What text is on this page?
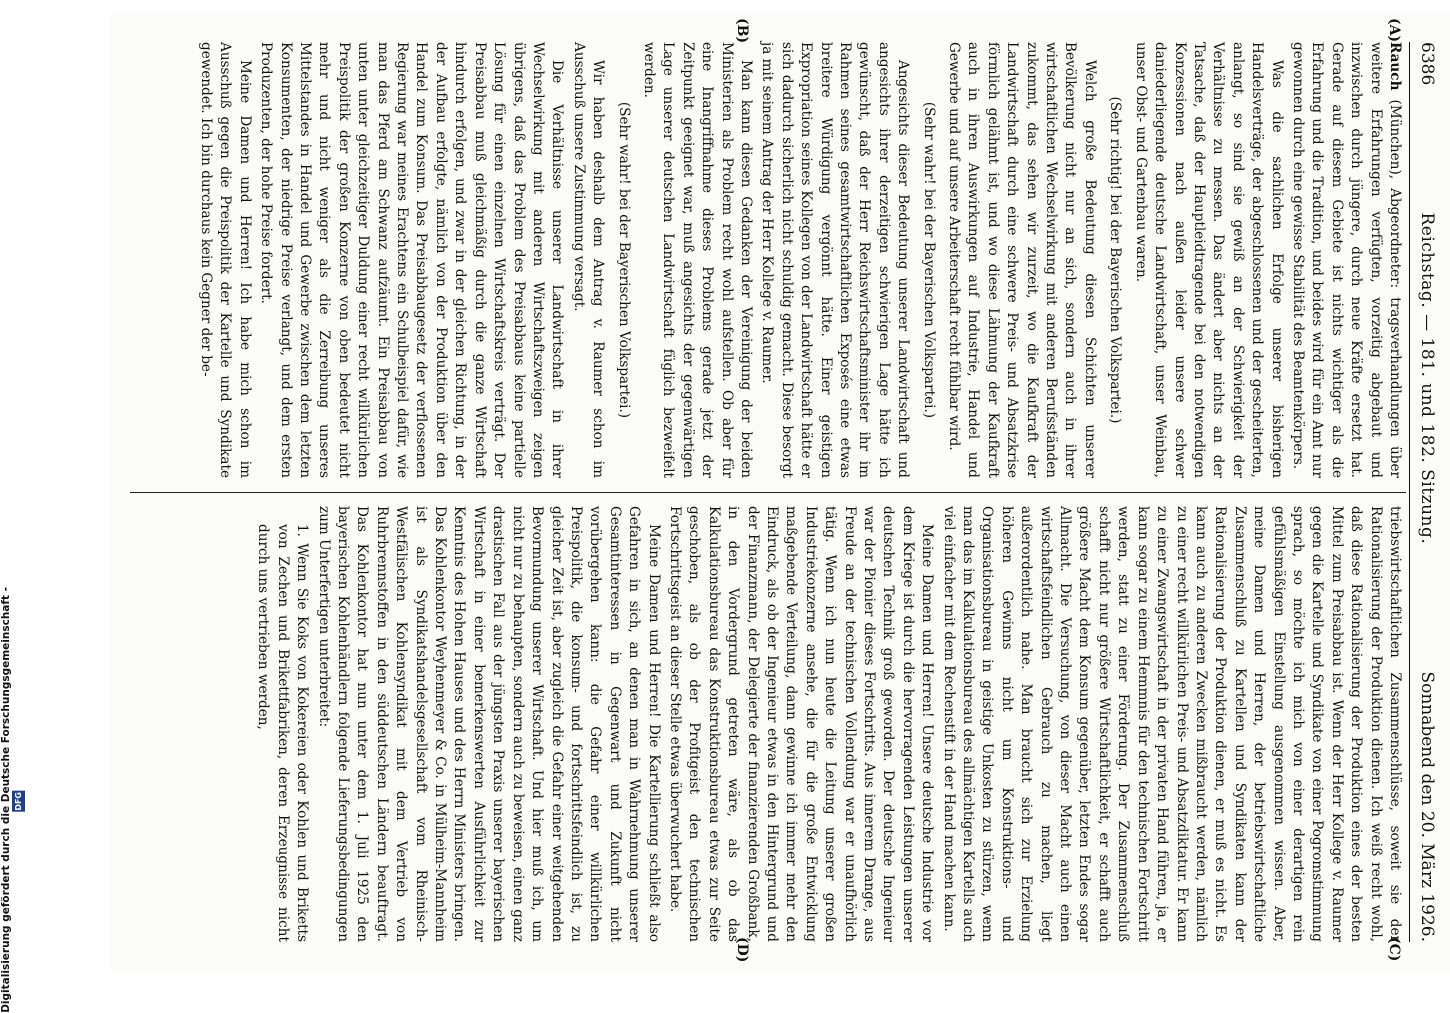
6386
Reichstag. — 181. und 182. Sitzung.
Sonnabend den 20. März 1926.
(A)
(B)
(C)
(D)

Rauch (München), Abgeordneter: tragsverhandlungen über weitere Erfahrungen verfügten, vorzeitig abgebaut und inzwischen durch jüngere, durch neue Kräfte ersetzt hat. Gerade auf diesem Gebiete ist nichts wichtiger als die Erfahrung und die Tradition, und beides wird für ein Amt nur gewonnen durch eine gewisse Stabilität des Beamtenkörpers.

Was die sachlichen Erfolge unserer bisherigen Handelsverträge, der abgeschlossenen und der gescheiterten, anlangt, so sind sie gewiß an der Schwierigkeit der Verhältnisse zu messen. Das ändert aber nichts an der Tatsache, daß der Hauptleidtragende bei den notwendigen Konzessionen nach außen leider unsere schwer daniederliegende deutsche Landwirtschaft, unser Weinbau, unser Obst- und Gartenbau waren.

(Sehr richtig! bei der Bayerischen Volkspartei.)

Welch große Bedeutung diesen Schichten unserer Bevölkerung nicht nur an sich, sondern auch in ihrer wirtschaftlichen Wechselwirkung mit anderen Berufsständen zukommt, das sehen wir zurzeit, wo die Kaufkraft der Landwirtschaft durch eine schwere Preis- und Absatzkrise förmlich gelähmt ist, und wo diese Lähmung der Kaufkraft auch in ihren Auswirkungen auf Industrie, Handel und Gewerbe und auf unsere Arbeiterschaft recht fühlbar wird.

(Sehr wahr! bei der Bayerischen Volkspartei.)

Angesichts dieser Bedeutung unserer Landwirtschaft und angesichts ihrer derzeitigen schwierigen Lage hätte ich gewünscht, daß der Herr Reichswirtschaftsminister ihr im Rahmen seines gesamtwirtschaftlichen Exposés eine etwas breitere Würdigung vergönnt hätte. Einer geistigen Expropriation seines Kollegen von der Landwirtschaft hätte er sich dadurch sicherlich nicht schuldig gemacht. Diese besorgt ja mit seinem Antrag der Herr Kollege v. Raumer.

Man kann diesen Gedanken der Vereinigung der beiden Ministerien als Problem recht wohl aufstellen. Ob aber für eine Inangriffnahme dieses Problems gerade jetzt der Zeitpunkt geeignet war, muß angesichts der gegenwärtigen Lage unserer deutschen Landwirtschaft füglich bezweifelt werden.

(Sehr wahr! bei der Bayerischen Volkspartei.)

Wir haben deshalb dem Antrag v. Raumer schon im Ausschuß unsere Zustimmung versagt.

Die Verhältnisse unserer Landwirtschaft in ihrer Wechselwirkung mit anderen Wirtschaftszweigen zeigen übrigens, daß das Problem des Preisabbaus keine partielle Lösung für einen einzelnen Wirtschaftskreis verträgt. Der Preisabbau muß gleichmäßig durch die ganze Wirtschaft hindurch erfolgen, und zwar in der gleichen Richtung, in der der Aufbau erfolgte, nämlich von der Produktion über den Handel zum Konsum. Das Preisabbaugesetz der verflossenen Regierung war meines Erachtens ein Schulbeispiel dafür, wie man das Pferd am Schwanz aufzäumt. Ein Preisabbau von unten unter gleichzeitiger Duldung einer recht willkürlichen Preispolitik der großen Konzerne von oben bedeutet nicht mehr und nicht weniger als die Zerreibung unseres Mittelstandes in Handel und Gewerbe zwischen dem letzten Konsumenten, der niedrige Preise verlangt, und dem ersten Produzenten, der hohe Preise fordert.

Meine Damen und Herren! Ich habe mich schon im Ausschuß gegen die Preispolitik der Kartelle und Syndikate gewendet. Ich bin durchaus kein Gegner der be-

triebswirtschaftlichen Zusammenschlüsse, soweit sie der Rationalisierung der Produktion dienen. Ich weiß recht wohl, daß diese Rationalisierung der Produktion eines der besten Mittel zum Preisabbau ist. Wenn der Herr Kollege v. Raumer gegen die Kartelle und Syndikate von einer Pogromstimmung sprach, so möchte ich mich von einer derartigen rein gefühlsmäßigen Einstellung ausgenommen wissen. Aber, meine Damen und Herren, der betriebswirtschaftliche Zusammenschluß zu Kartellen und Syndikaten kann der Rationalisierung der Produktion dienen, er muß es nicht. Es kann auch zu anderen Zwecken mißbraucht werden, nämlich zu einer recht willkürlichen Preis- und Absatzdiktatur. Er kann zu einer Zwangswirtschaft in der privaten Hand führen, ja, er kann sogar zu einem Hemmnis für den technischen Fortschritt werden, statt zu einer Förderung. Der Zusammenschluß schafft nicht nur größere Wirtschaftlichkeit, er schafft auch größere Macht dem Konsum gegenüber, letzten Endes sogar Allmacht. Die Versuchung, von dieser Macht auch einen wirtschaftsfeindlichen Gebrauch zu machen, liegt außerordentlich nahe. Man braucht sich zur Erzielung höheren Gewinns nicht um Konstruktions- und Organisationsbureau in geistige Unkosten zu stürzen, wenn man das im Kalkulationsbureau des allmächtigen Kartells auch viel einfacher mit dem Rechenstift in der Hand machen kann.

Meine Damen und Herren! Unsere deutsche Industrie vor dem Kriege ist durch die hervorragenden Leistungen unserer deutschen Technik groß geworden. Der deutsche Ingenieur war der Pionier dieses Fortschritts. Aus innerem Drange, aus Freude an der technischen Vollendung war er unaufhörlich tätig. Wenn ich nun heute die Leitung unserer großen Industriekonzerne ansehe, die für die große Entwicklung maßgebende Verteilung, dann gewinne ich immer mehr den Eindruck, als ob der Ingenieur etwas in den Hintergrund und der Finanzmann, der Delegierte der finanzierenden Großbank, in den Vordergrund getreten wäre, als ob das Kalkulationsbureau das Konstruktionsbureau etwas zur Seite geschoben, als ob der Profitgeist den technischen Fortschrittsgeist an dieser Stelle etwas überwuchert habe.

Meine Damen und Herren! Die Kartellierung schließt also Gefahren in sich, an denen man in Wahrnehmung unserer Gesamtinteressen in Gegenwart und Zukunft nicht vorübergehen kann: die Gefahr einer willkürlichen Preispolitik, die konsum- und fortschrittsfeindlich ist, zu gleicher Zeit ist, aber zugleich die Gefahr einer weitgehenden Bevormundung unserer Wirtschaft. Und hier muß ich, um nicht nur zu behaupten, sondern auch zu beweisen, einen ganz drastischen Fall aus der jüngsten Praxis unserer bayerischen Wirtschaft in einer bemerkenswerten Ausführlichkeit zur Kenntnis des Hohen Hauses und des Herrn Ministers bringen. Das Kohlenkontor Weyhenmeyer & Co. in Mülheim-Mannheim ist als Syndikatshandelsgesellschaft vom Rheinisch-Westfälischen Kohlensyndikat mit dem Vertrieb von Ruhrbrennstoffen in den süddeutschen Ländern beauftragt. Das Kohlenkontor hat nun unter dem 1. Juli 1925 den bayerischen Kohlenhändlern folgende Lieferungsbedingungen zum Unterfertigen unterbreitet:

1. Wenn Sie Koks von Kokereien oder Kohlen und Briketts von Zechen und Brikettfabriken, deren Erzeugnisse nicht durch uns vertrieben werden,

Digitalisierung gefördert durch die Deutsche Forschungsgemeinschaft - DFG
